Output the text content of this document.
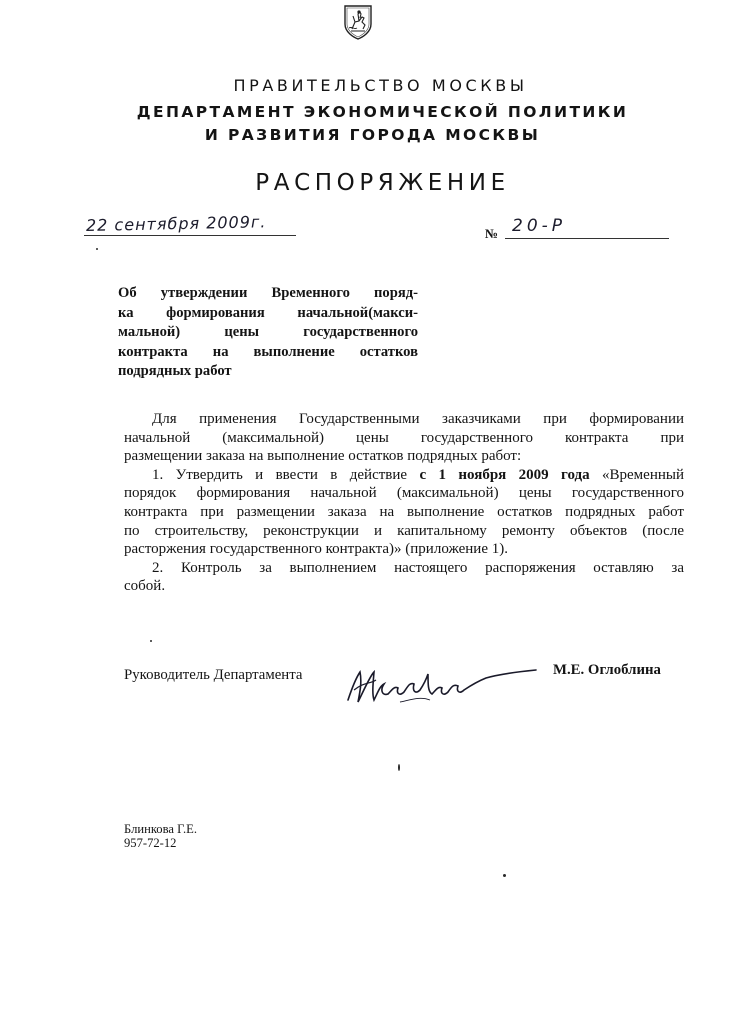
ПРАВИТЕЛЬСТВО МОСКВЫ
ДЕПАРТАМЕНТ ЭКОНОМИЧЕСКОЙ ПОЛИТИКИ
И РАЗВИТИЯ ГОРОДА МОСКВЫ
РАСПОРЯЖЕНИЕ
22 сентября 2009г.	№ 20-Р
Об утверждении Временного поряд-
ка формирования начальной(макси-
мальной) цены государственного
контракта на выполнение остатков
подрядных работ
Для применения Государственными заказчиками при формировании
начальной (максимальной) цены государственного контракта при
размещении заказа на выполнение остатков подрядных работ:
1. Утвердить и ввести в действие с 1 ноября 2009 года «Временный
порядок формирования начальной (максимальной) цены государственного
контракта при размещении заказа на выполнение остатков подрядных работ
по строительству, реконструкции и капитальному ремонту объектов (после
расторжения государственного контракта)» (приложение 1).
2. Контроль за выполнением настоящего распоряжения оставляю за
собой.
Руководитель Департамента	М.Е. Оглоблина
Блинкова Г.Е.
957-72-12
